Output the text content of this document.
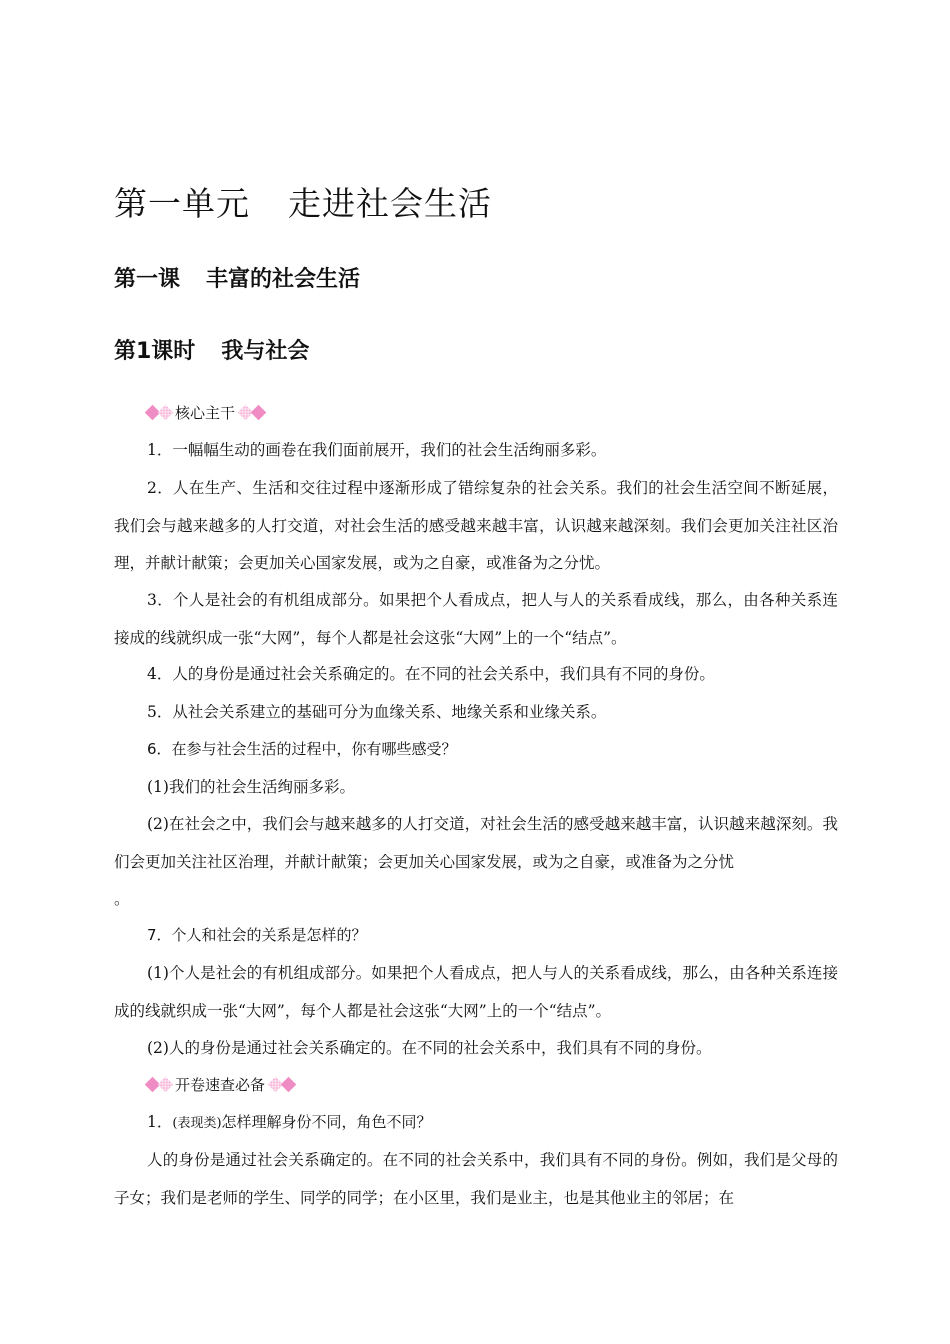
第一单元 走进社会生活
第一课 丰富的社会生活
第1课时 我与社会
核心主干

1．一幅幅生动的画卷在我们面前展开，我们的社会生活绚丽多彩。

2．人在生产、生活和交往过程中逐渐形成了错综复杂的社会关系。我们的社会生活空间不断延展，我们会与越来越多的人打交道，对社会生活的感受越来越丰富，认识越来越深刻。我们会更加关注社区治理，并献计献策；会更加关心国家发展，或为之自豪，或准备为之分忧。

3．个人是社会的有机组成部分。如果把个人看成点，把人与人的关系看成线，那么，由各种关系连接成的线就织成一张“大网”，每个人都是社会这张“大网”上的一个“结点”。

4．人的身份是通过社会关系确定的。在不同的社会关系中，我们具有不同的身份。

5．从社会关系建立的基础可分为血缘关系、地缘关系和业缘关系。

6．在参与社会生活的过程中，你有哪些感受？

(1)我们的社会生活绚丽多彩。

(2)在社会之中，我们会与越来越多的人打交道，对社会生活的感受越来越丰富，认识越来越深刻。我们会更加关注社区治理，并献计献策；会更加关心国家发展，或为之自豪，或准备为之分忧

。

7．个人和社会的关系是怎样的？

(1)个人是社会的有机组成部分。如果把个人看成点，把人与人的关系看成线，那么，由各种关系连接成的线就织成一张“大网”，每个人都是社会这张“大网”上的一个“结点”。

(2)人的身份是通过社会关系确定的。在不同的社会关系中，我们具有不同的身份。

开卷速查必备

1．(表现类)怎样理解身份不同，角色不同？

人的身份是通过社会关系确定的。在不同的社会关系中，我们具有不同的身份。例如，我们是父母的子女；我们是老师的学生、同学的同学；在小区里，我们是业主，也是其他业主的邻居；在
